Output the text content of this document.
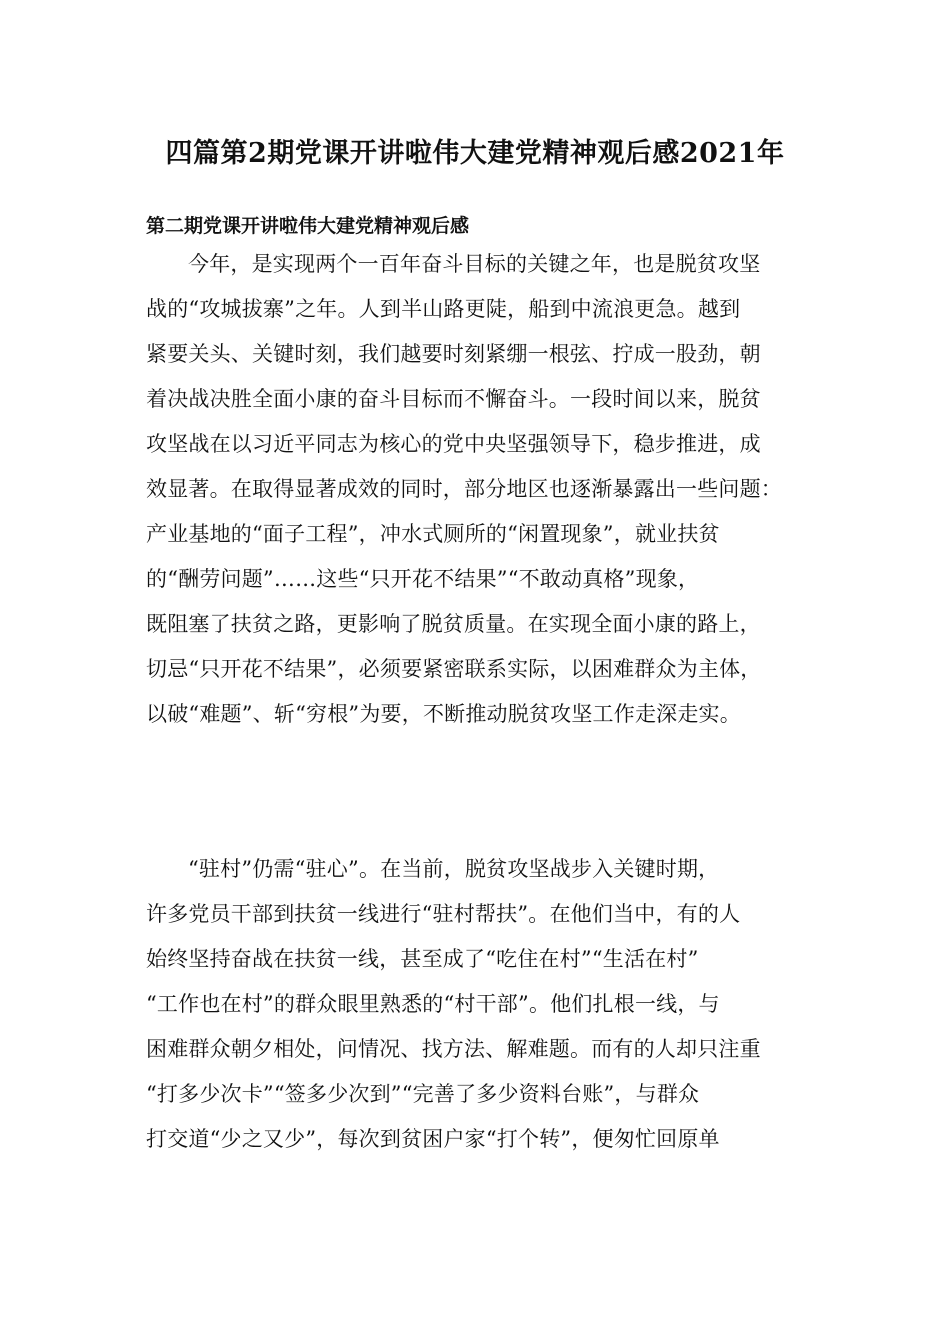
四篇第2期党课开讲啦伟大建党精神观后感2021年
第二期党课开讲啦伟大建党精神观后感
今年，是实现两个一百年奋斗目标的关键之年，也是脱贫攻坚
战的“攻城拔寨”之年。人到半山路更陡，船到中流浪更急。越到
紧要关头、关键时刻，我们越要时刻紧绷一根弦、拧成一股劲，朝
着决战决胜全面小康的奋斗目标而不懈奋斗。一段时间以来，脱贫
攻坚战在以习近平同志为核心的党中央坚强领导下，稳步推进，成
效显著。在取得显著成效的同时，部分地区也逐渐暴露出一些问题：
产业基地的“面子工程”，冲水式厕所的“闲置现象”，就业扶贫
的“酬劳问题”……这些“只开花不结果”“不敢动真格”现象，
既阻塞了扶贫之路，更影响了脱贫质量。在实现全面小康的路上，
切忌“只开花不结果”，必须要紧密联系实际，以困难群众为主体，
以破“难题”、斩“穷根”为要，不断推动脱贫攻坚工作走深走实。
“驻村”仍需“驻心”。在当前，脱贫攻坚战步入关键时期，
许多党员干部到扶贫一线进行“驻村帮扶”。在他们当中，有的人
始终坚持奋战在扶贫一线，甚至成了“吃住在村”“生活在村”
“工作也在村”的群众眼里熟悉的“村干部”。他们扎根一线，与
困难群众朝夕相处，问情况、找方法、解难题。而有的人却只注重
“打多少次卡”“签多少次到”“完善了多少资料台账”，与群众
打交道“少之又少”，每次到贫困户家“打个转”，便匆忙回原单
